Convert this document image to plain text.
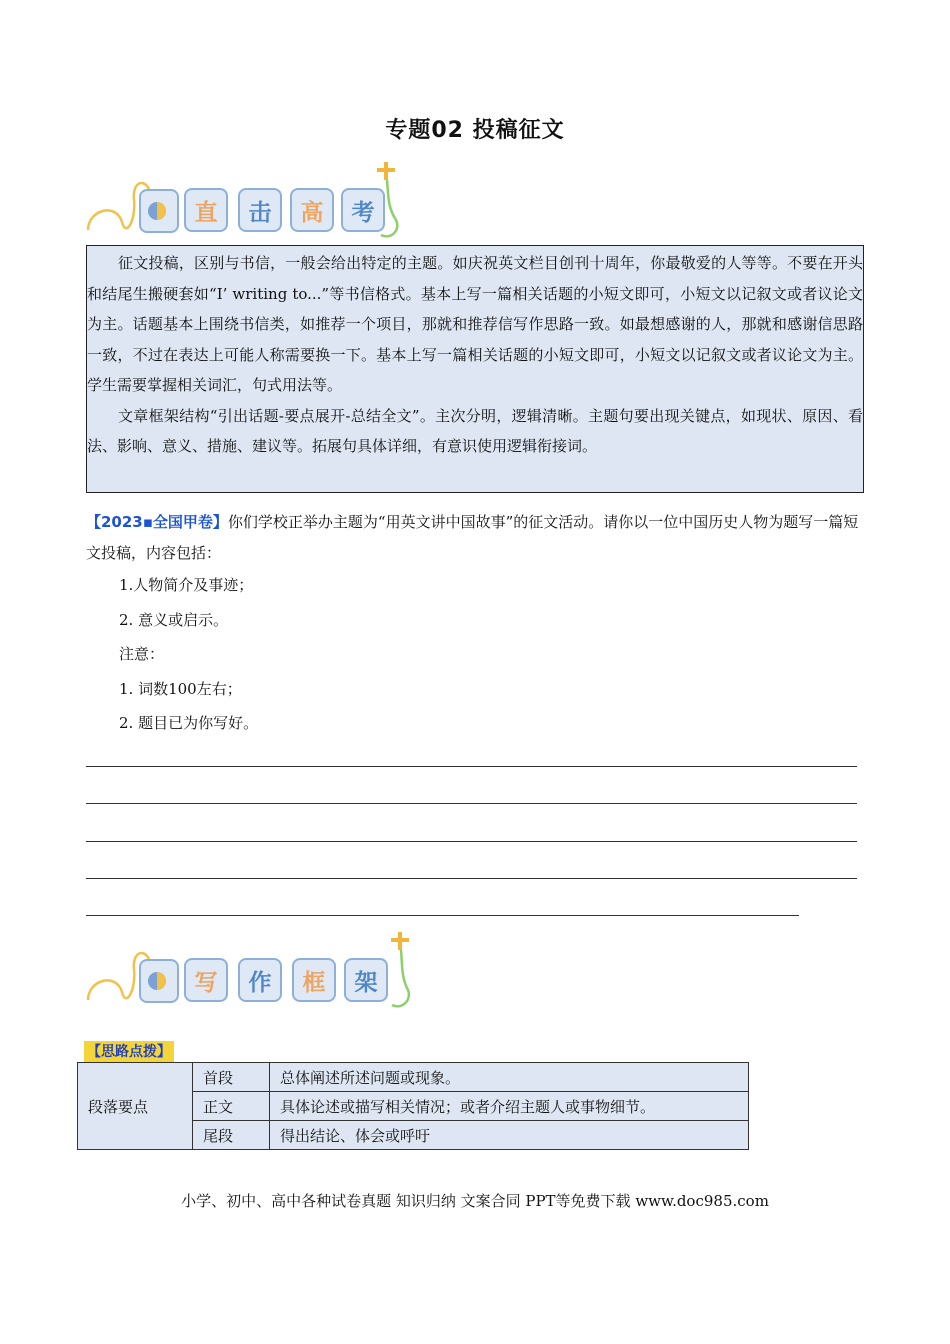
专题02 投稿征文
直	击	高	考

征文投稿，区别与书信，一般会给出特定的主题。如庆祝英文栏目创刊十周年，你最敬爱的人等等。不要在开头和结尾生搬硬套如“I’ writing to...”等书信格式。基本上写一篇相关话题的小短文即可，小短文以记叙文或者议论文为主。话题基本上围绕书信类，如推荐一个项目，那就和推荐信写作思路一致。如最想感谢的人，那就和感谢信思路一致，不过在表达上可能人称需要换一下。基本上写一篇相关话题的小短文即可，小短文以记叙文或者议论文为主。学生需要掌握相关词汇，句式用法等。

文章框架结构“引出话题-要点展开-总结全文”。主次分明，逻辑清晰。主题句要出现关键点，如现状、原因、看法、影响、意义、措施、建议等。拓展句具体详细，有意识使用逻辑衔接词。

【2023▪全国甲卷】你们学校正举办主题为“用英文讲中国故事”的征文活动。请你以一位中国历史人物为题写一篇短文投稿，内容包括：

1.人物简介及事迹；

2. 意义或启示。

注意：

1. 词数100左右；

2. 题目已为你写好。

写	作	框	架
【思路点拨】
段落要点	首段	总体阐述所述问题或现象。
	正文	具体论述或描写相关情况；或者介绍主题人或事物细节。
	尾段	得出结论、体会或呼吁
小学、初中、高中各种试卷真题 知识归纳 文案合同 PPT等免费下载 www.doc985.com
